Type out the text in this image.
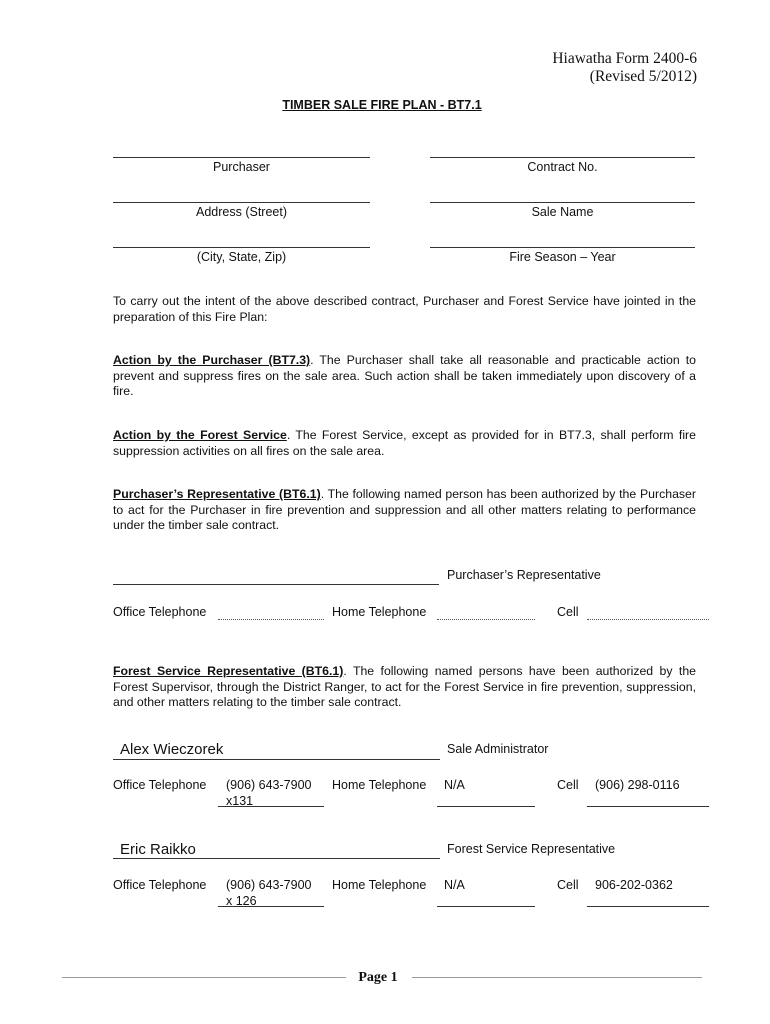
Hiawatha Form 2400-6
(Revised 5/2012)
TIMBER SALE FIRE PLAN - BT7.1
Purchaser	Contract No.
Address (Street)	Sale Name
(City, State, Zip)	Fire Season – Year
To carry out the intent of the above described contract, Purchaser and Forest Service have jointed in the preparation of this Fire Plan:
Action by the Purchaser (BT7.3). The Purchaser shall take all reasonable and practicable action to prevent and suppress fires on the sale area. Such action shall be taken immediately upon discovery of a fire.
Action by the Forest Service. The Forest Service, except as provided for in BT7.3, shall perform fire suppression activities on all fires on the sale area.
Purchaser’s Representative (BT6.1). The following named person has been authorized by the Purchaser to act for the Purchaser in fire prevention and suppression and all other matters relating to performance under the timber sale contract.
Purchaser’s Representative
Office Telephone	Home Telephone	Cell
Forest Service Representative (BT6.1). The following named persons have been authorized by the Forest Supervisor, through the District Ranger, to act for the Forest Service in fire prevention, suppression, and other matters relating to the timber sale contract.
Alex Wieczorek	Sale Administrator
Office Telephone (906) 643-7900
x131
Home Telephone N/A	Cell (906) 298-0116
Eric Raikko	Forest Service Representative
Office Telephone (906) 643-7900
x 126
Home Telephone N/A	Cell 906-202-0362
Page 1
